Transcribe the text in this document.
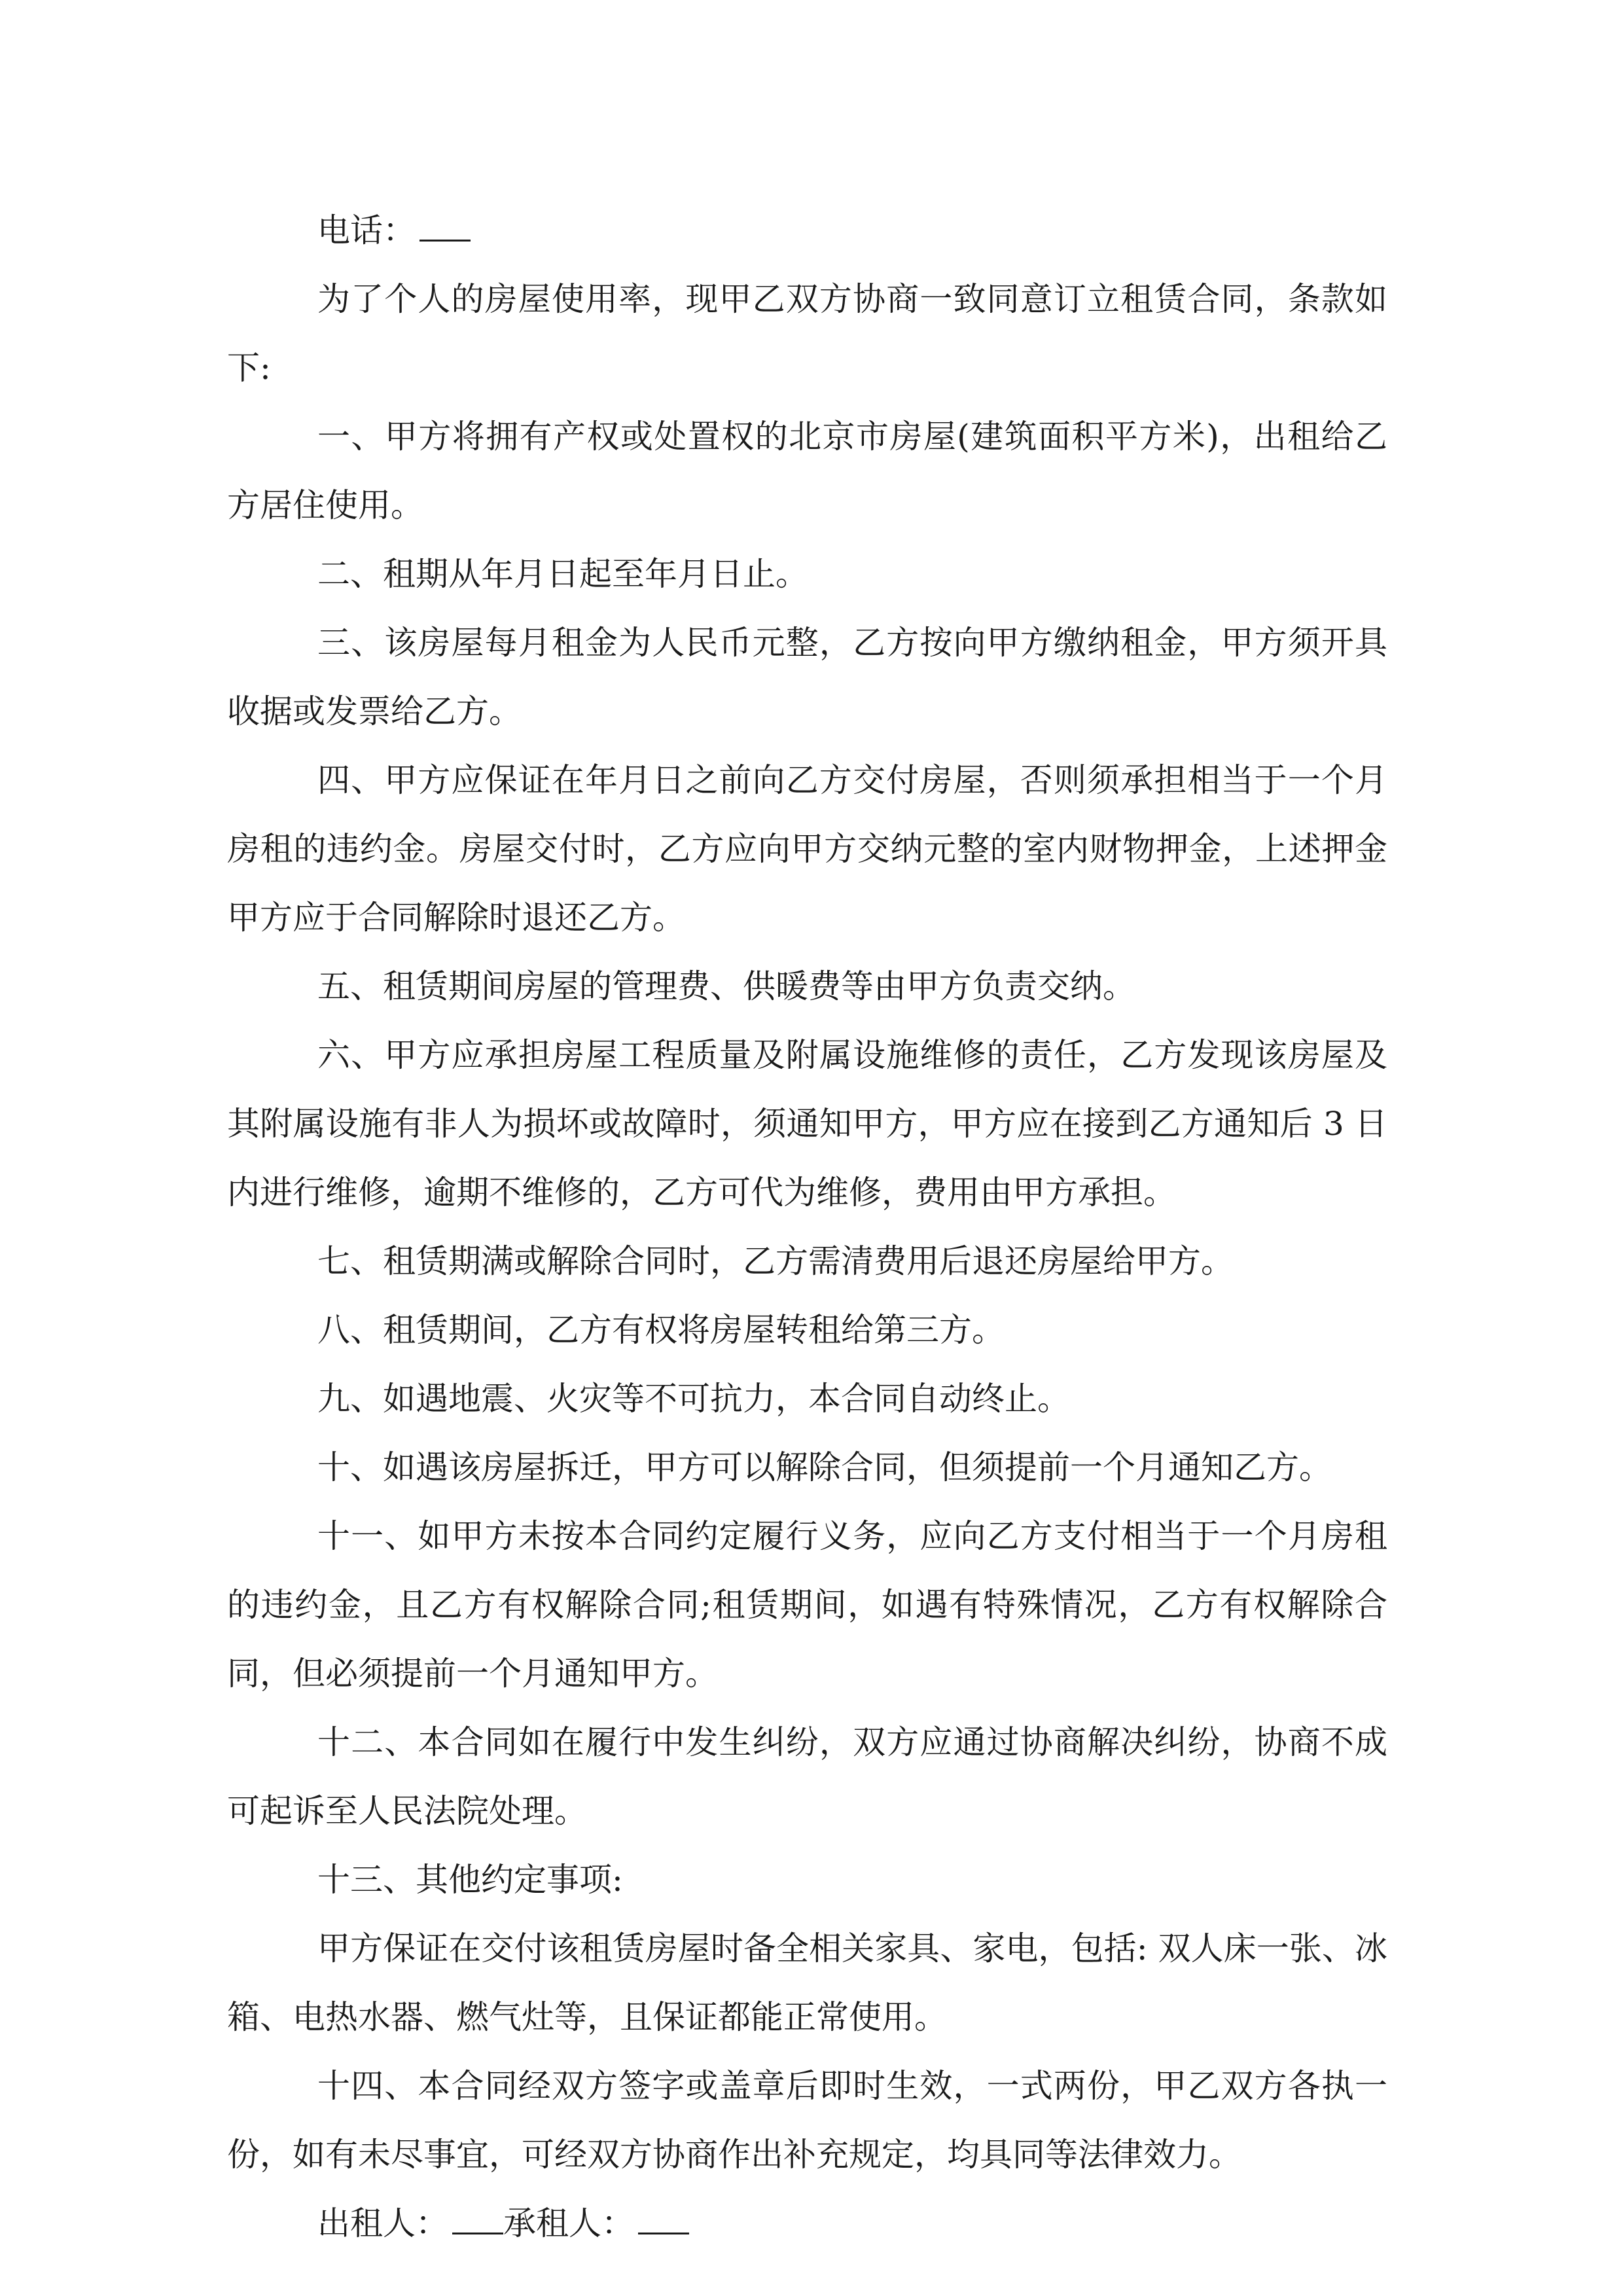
电话：

为了个人的房屋使用率，现甲乙双方协商一致同意订立租赁合同，条款如下:

一、甲方将拥有产权或处置权的北京市房屋(建筑面积平方米)，出租给乙方居住使用。

二、租期从年月日起至年月日止。

三、该房屋每月租金为人民币元整，乙方按向甲方缴纳租金，甲方须开具收据或发票给乙方。

四、甲方应保证在年月日之前向乙方交付房屋，否则须承担相当于一个月房租的违约金。房屋交付时，乙方应向甲方交纳元整的室内财物押金，上述押金甲方应于合同解除时退还乙方。

五、租赁期间房屋的管理费、供暖费等由甲方负责交纳。

六、甲方应承担房屋工程质量及附属设施维修的责任，乙方发现该房屋及其附属设施有非人为损坏或故障时，须通知甲方，甲方应在接到乙方通知后 3 日内进行维修，逾期不维修的，乙方可代为维修，费用由甲方承担。

七、租赁期满或解除合同时，乙方需清费用后退还房屋给甲方。

八、租赁期间，乙方有权将房屋转租给第三方。

九、如遇地震、火灾等不可抗力，本合同自动终止。

十、如遇该房屋拆迁，甲方可以解除合同，但须提前一个月通知乙方。

十一、如甲方未按本合同约定履行义务，应向乙方支付相当于一个月房租的违约金，且乙方有权解除合同;租赁期间，如遇有特殊情况，乙方有权解除合同，但必须提前一个月通知甲方。

十二、本合同如在履行中发生纠纷，双方应通过协商解决纠纷，协商不成可起诉至人民法院处理。

十三、其他约定事项:

甲方保证在交付该租赁房屋时备全相关家具、家电，包括: 双人床一张、冰箱、电热水器、燃气灶等，且保证都能正常使用。

十四、本合同经双方签字或盖章后即时生效，一式两份，甲乙双方各执一份，如有未尽事宜，可经双方协商作出补充规定，均具同等法律效力。

出租人： 承租人：
